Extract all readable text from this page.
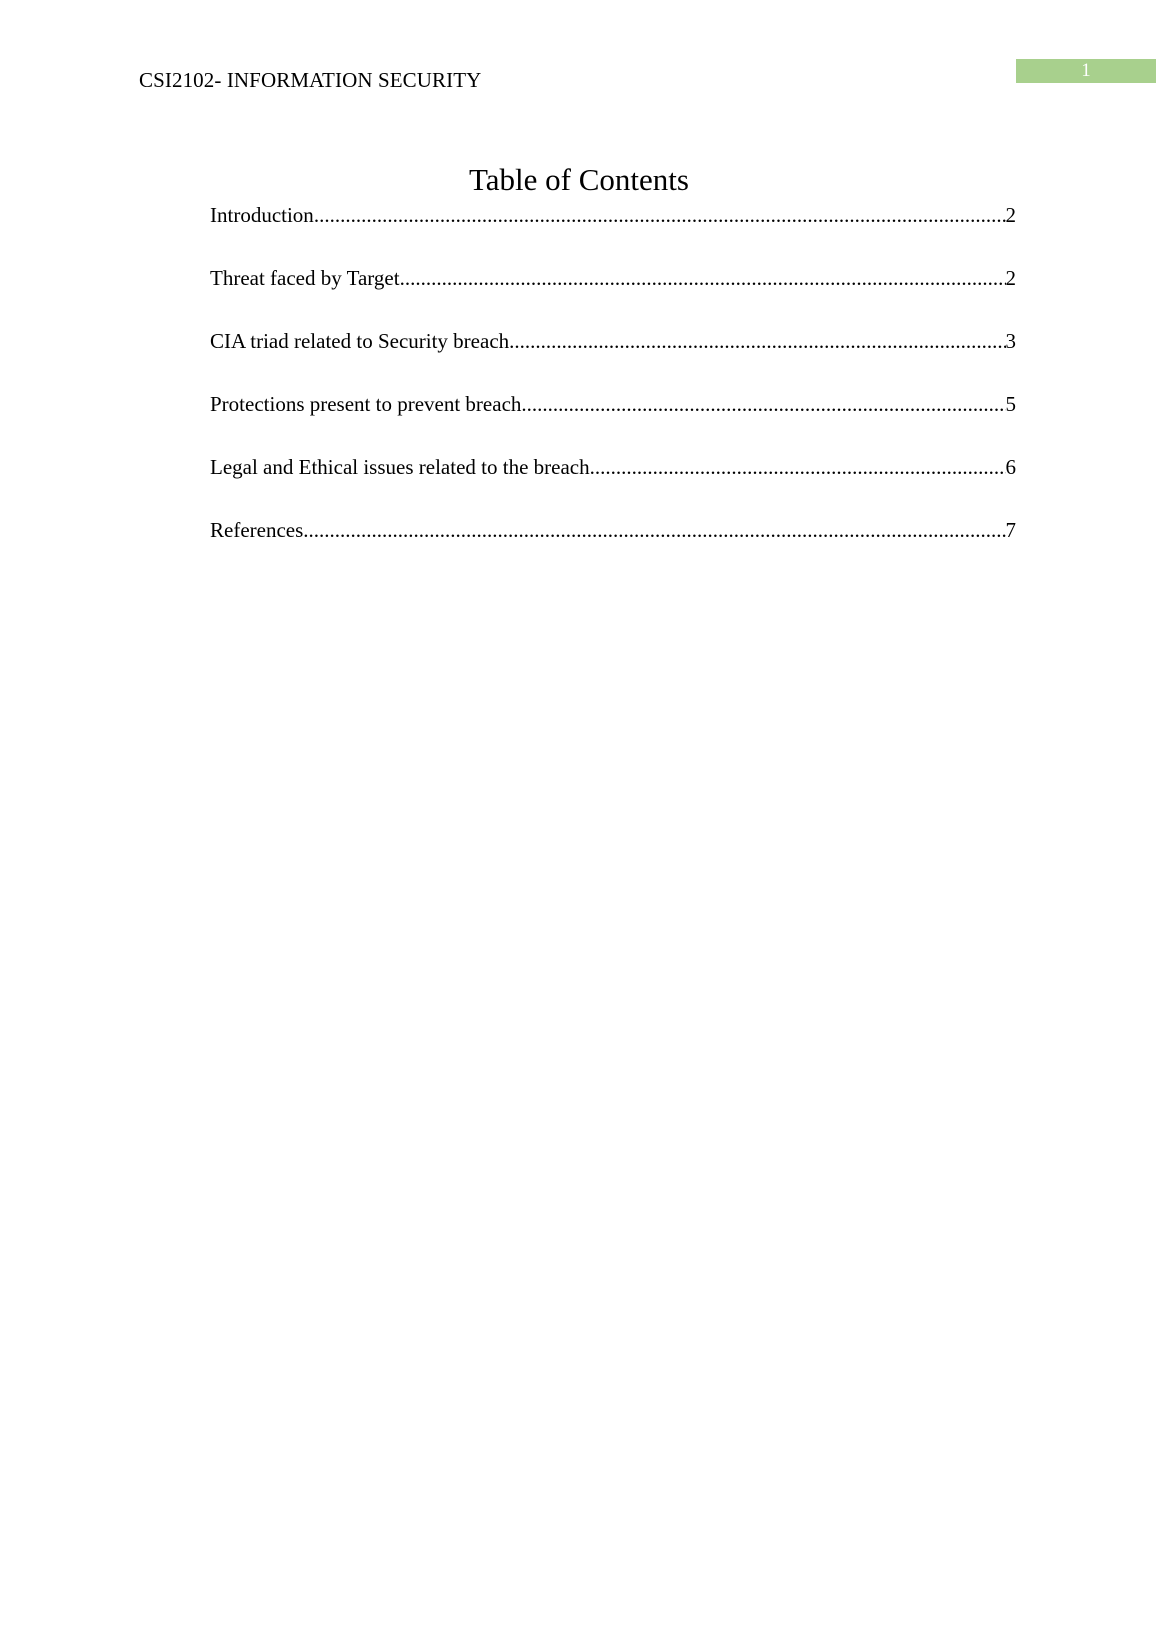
CSI2102- INFORMATION SECURITY	1
Table of Contents
Introduction .....	2
Threat faced by Target .....	2
CIA triad related to Security breach .....	3
Protections present to prevent breach .....	5
Legal and Ethical issues related to the breach .....	6
References .....	7
